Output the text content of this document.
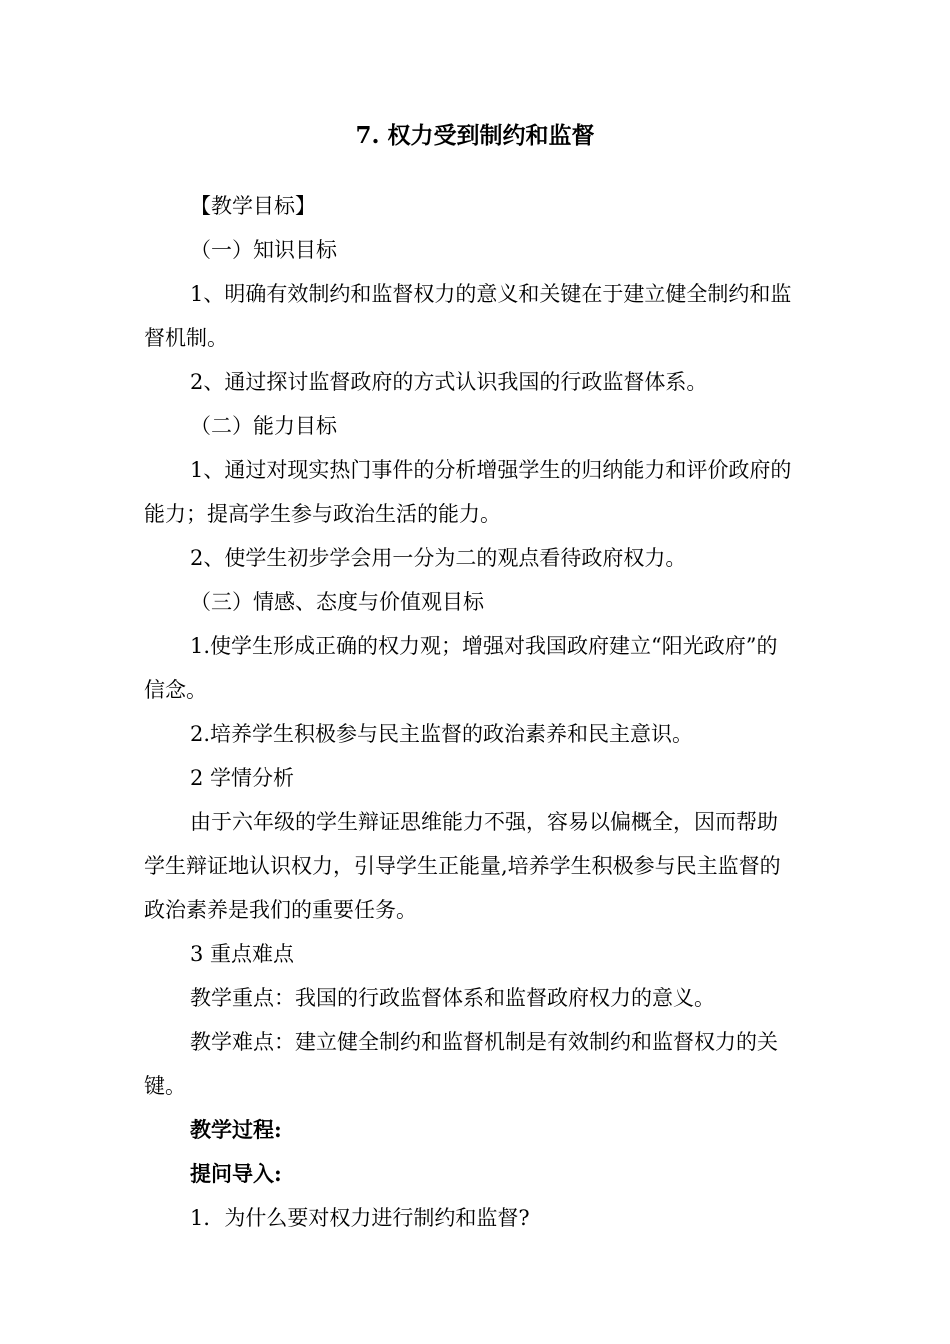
7. 权力受到制约和监督

【教学目标】

（一）知识目标

1、明确有效制约和监督权力的意义和关键在于建立健全制约和监督机制。

2、通过探讨监督政府的方式认识我国的行政监督体系。

（二）能力目标

1、通过对现实热门事件的分析增强学生的归纳能力和评价政府的能力；提高学生参与政治生活的能力。

2、使学生初步学会用一分为二的观点看待政府权力。

（三）情感、态度与价值观目标

1.使学生形成正确的权力观；增强对我国政府建立“阳光政府”的信念。

2.培养学生积极参与民主监督的政治素养和民主意识。

2 学情分析

由于六年级的学生辩证思维能力不强，容易以偏概全，因而帮助学生辩证地认识权力，引导学生正能量,培养学生积极参与民主监督的政治素养是我们的重要任务。

3 重点难点

教学重点：我国的行政监督体系和监督政府权力的意义。

教学难点：建立健全制约和监督机制是有效制约和监督权力的关键。

教学过程:

提问导入:

1．为什么要对权力进行制约和监督?
